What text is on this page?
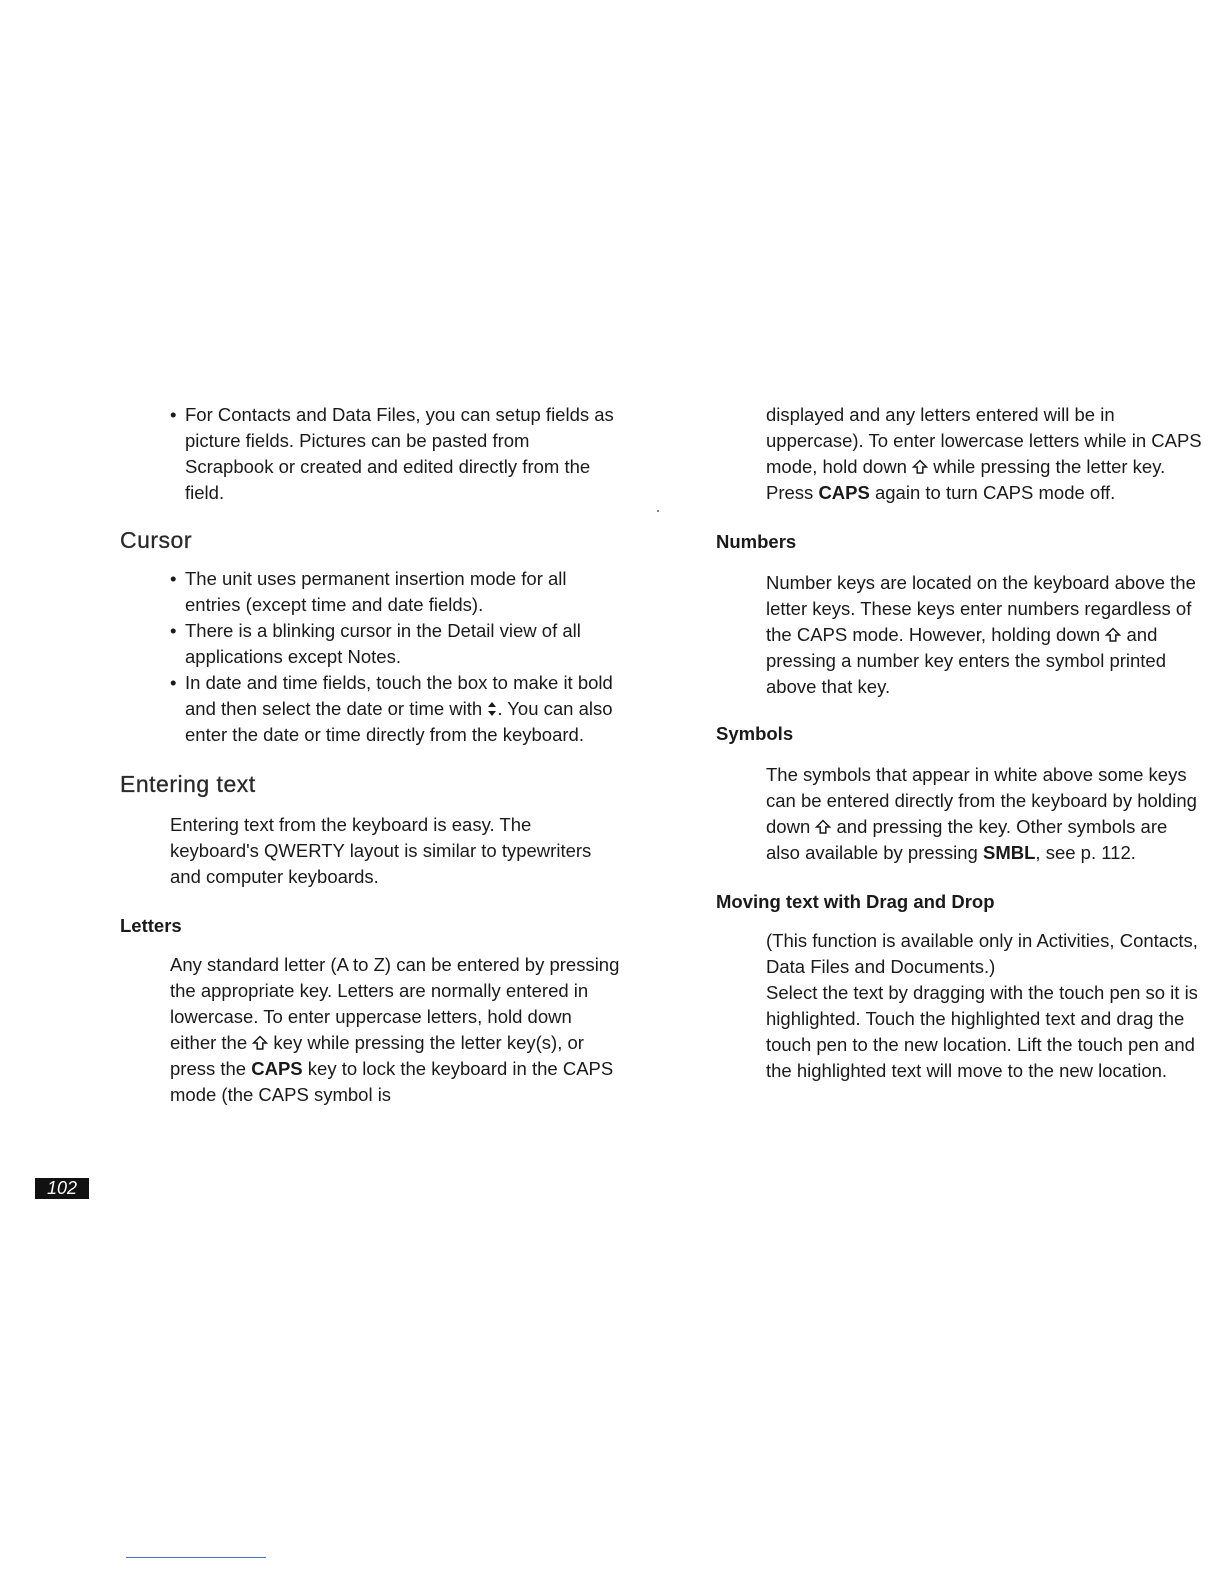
• For Contacts and Data Files, you can setup fields as picture fields. Pictures can be pasted from Scrapbook or created and edited directly from the field.
Cursor
• The unit uses permanent insertion mode for all entries (except time and date fields).
• There is a blinking cursor in the Detail view of all applications except Notes.
• In date and time fields, touch the box to make it bold and then select the date or time with . You can also enter the date or time directly from the keyboard.
Entering text

Entering text from the keyboard is easy. The keyboard's QWERTY layout is similar to typewriters and computer keyboards.

Letters

Any standard letter (A to Z) can be entered by pressing the appropriate key. Letters are normally entered in lowercase. To enter uppercase letters, hold down either the key while pressing the letter key(s), or press the CAPS key to lock the keyboard in the CAPS mode (the CAPS symbol is

displayed and any letters entered will be in uppercase). To enter lowercase letters while in CAPS mode, hold down while pressing the letter key. Press CAPS again to turn CAPS mode off.

Numbers

Number keys are located on the keyboard above the letter keys. These keys enter numbers regardless of the CAPS mode. However, holding down and pressing a number key enters the symbol printed above that key.

Symbols

The symbols that appear in white above some keys can be entered directly from the keyboard by holding down and pressing the key. Other symbols are also available by pressing SMBL, see p. 112.

Moving text with Drag and Drop

(This function is available only in Activities, Contacts, Data Files and Documents.)

Select the text by dragging with the touch pen so it is highlighted. Touch the highlighted text and drag the touch pen to the new location. Lift the touch pen and the highlighted text will move to the new location.

102
